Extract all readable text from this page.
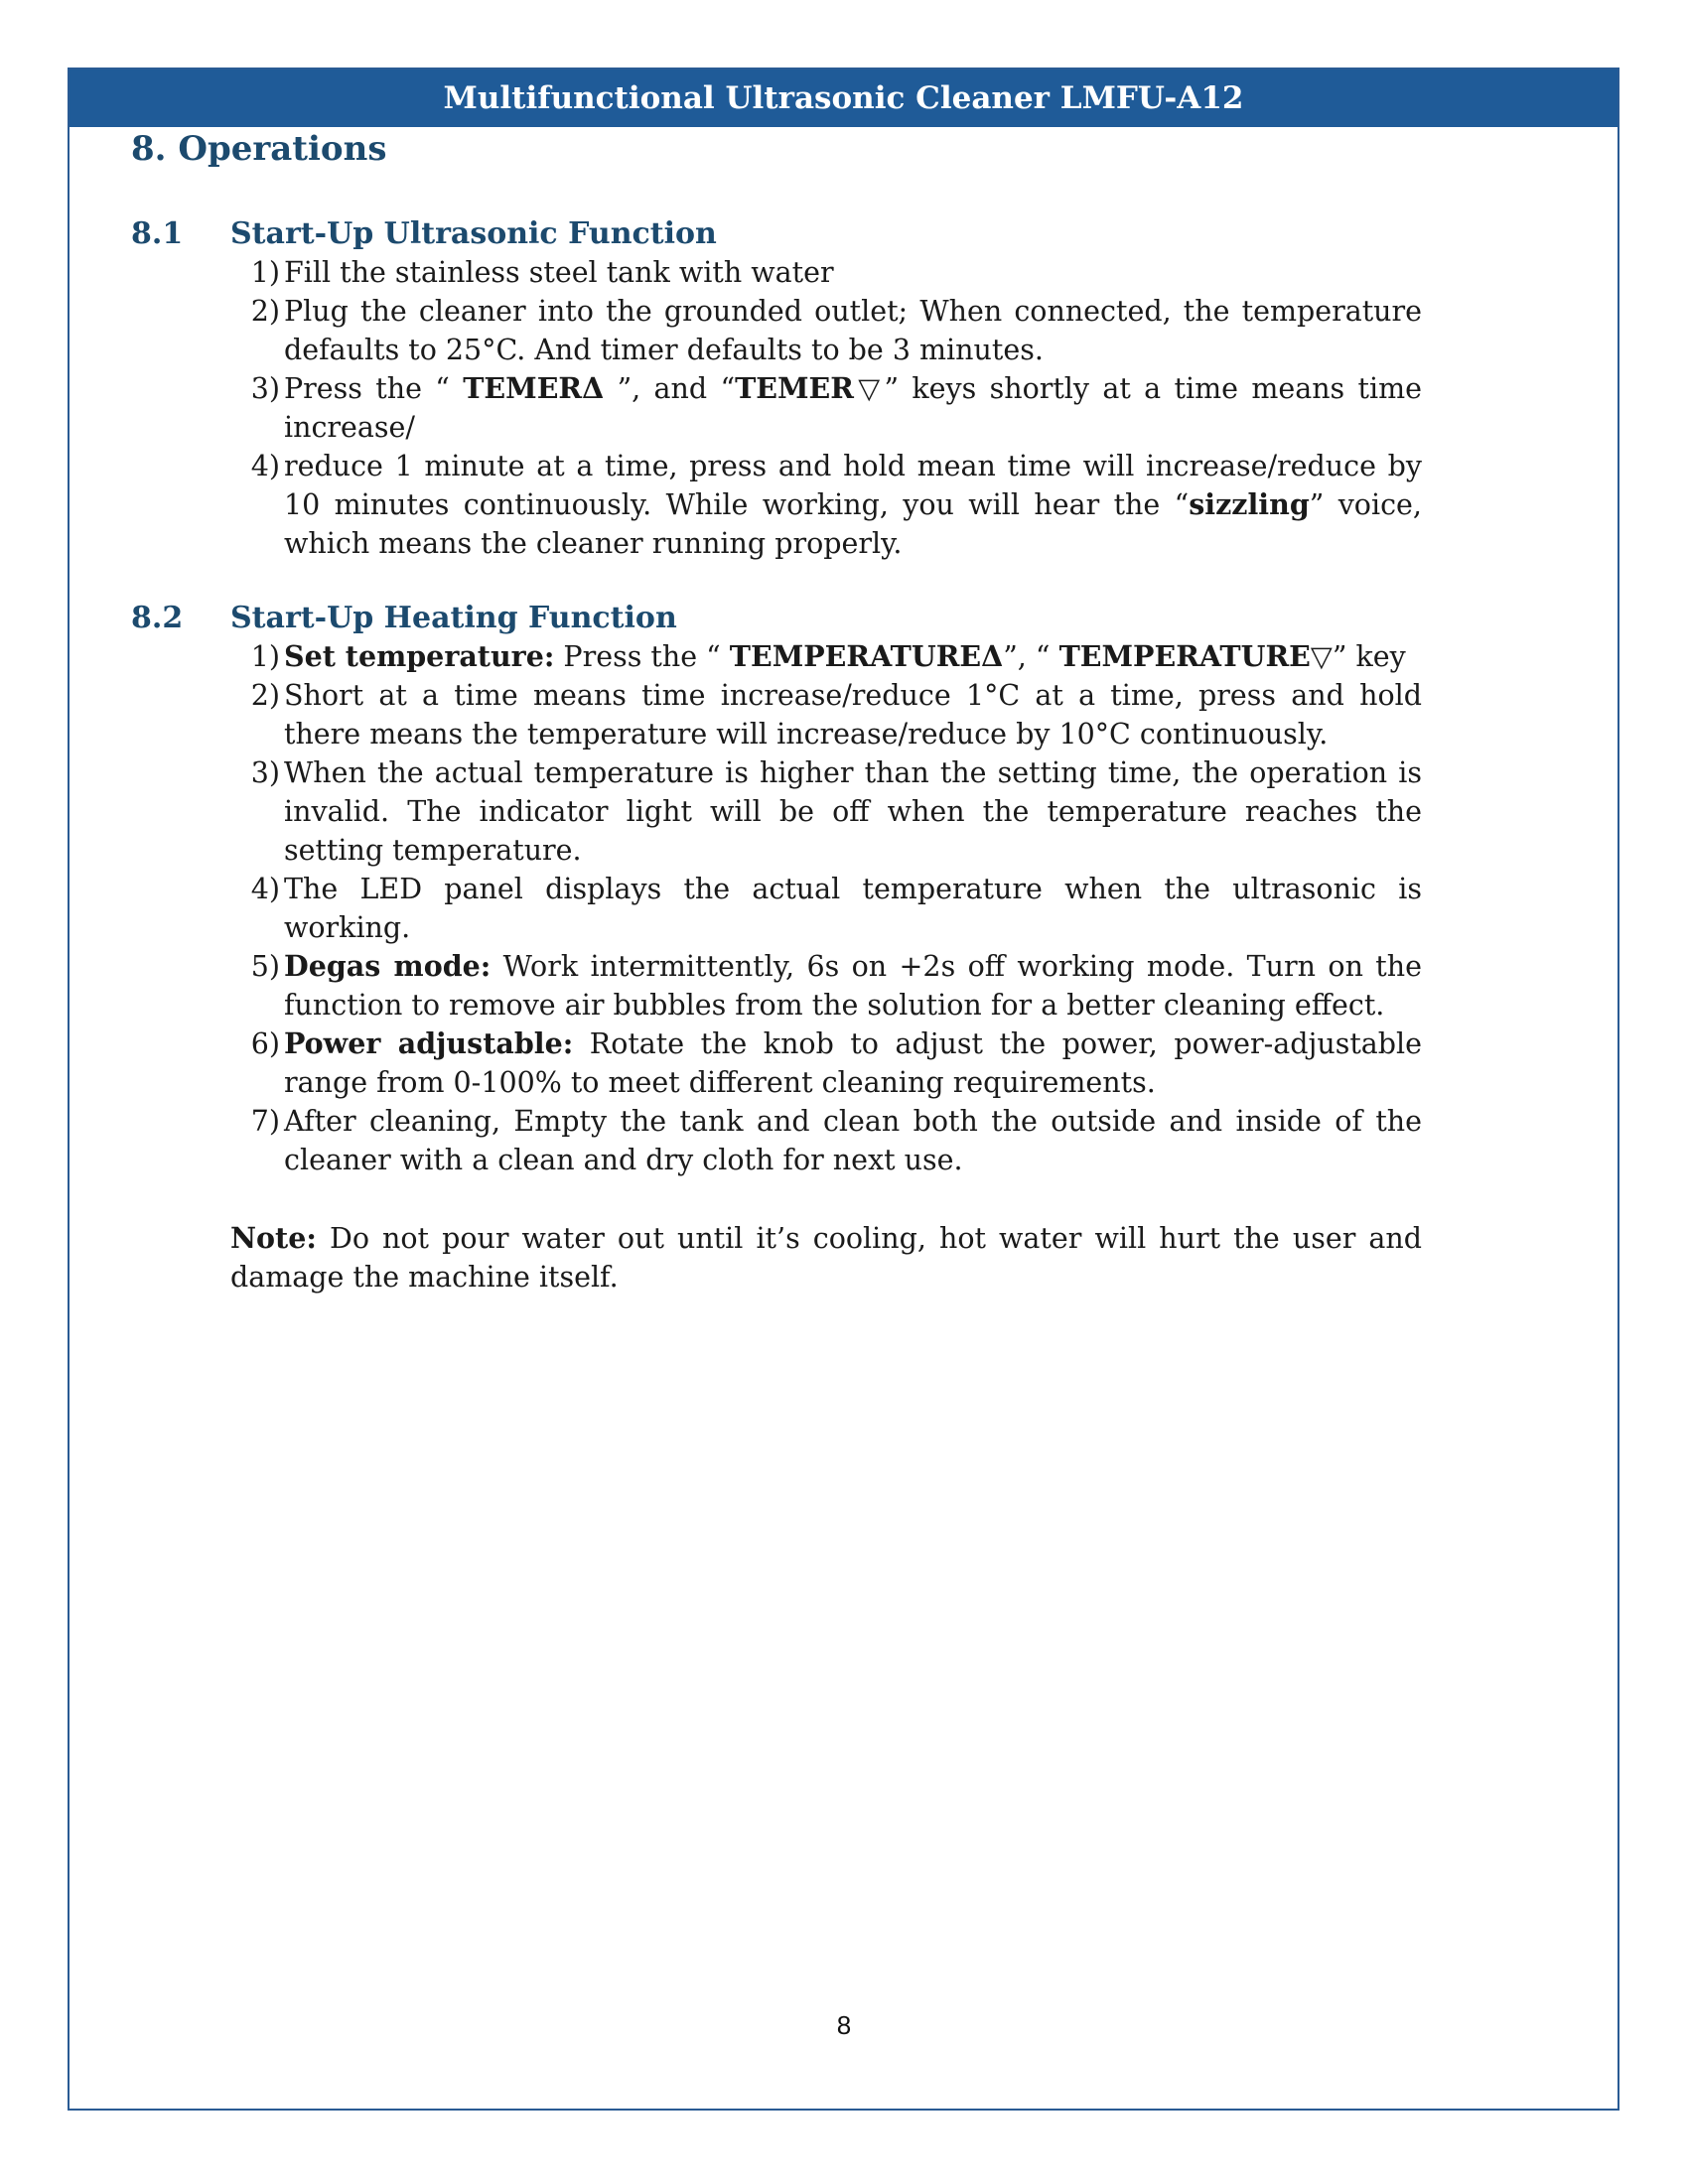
Multifunctional Ultrasonic Cleaner LMFU-A12
8. Operations
8.1	Start-Up Ultrasonic Function
1) Fill the stainless steel tank with water
2) Plug the cleaner into the grounded outlet; When connected, the temperature defaults to 25°C. And timer defaults to be 3 minutes.
3) Press the “ TEMERΔ ”, and “TEMER▽” keys shortly at a time means time increase/
4) reduce 1 minute at a time, press and hold mean time will increase/reduce by 10 minutes continuously. While working, you will hear the “sizzling” voice, which means the cleaner running properly.
8.2	Start-Up Heating Function
1) Set temperature: Press the “ TEMPERATUREΔ”, “ TEMPERATURE▽” key
2) Short at a time means time increase/reduce 1°C at a time, press and hold there means the temperature will increase/reduce by 10°C continuously.
3) When the actual temperature is higher than the setting time, the operation is invalid. The indicator light will be off when the temperature reaches the setting temperature.
4) The LED panel displays the actual temperature when the ultrasonic is working.
5) Degas mode: Work intermittently, 6s on +2s off working mode. Turn on the function to remove air bubbles from the solution for a better cleaning effect.
6) Power adjustable: Rotate the knob to adjust the power, power-adjustable range from 0-100% to meet different cleaning requirements.
7) After cleaning, Empty the tank and clean both the outside and inside of the cleaner with a clean and dry cloth for next use.

Note: Do not pour water out until it’s cooling, hot water will hurt the user and damage the machine itself.

8
